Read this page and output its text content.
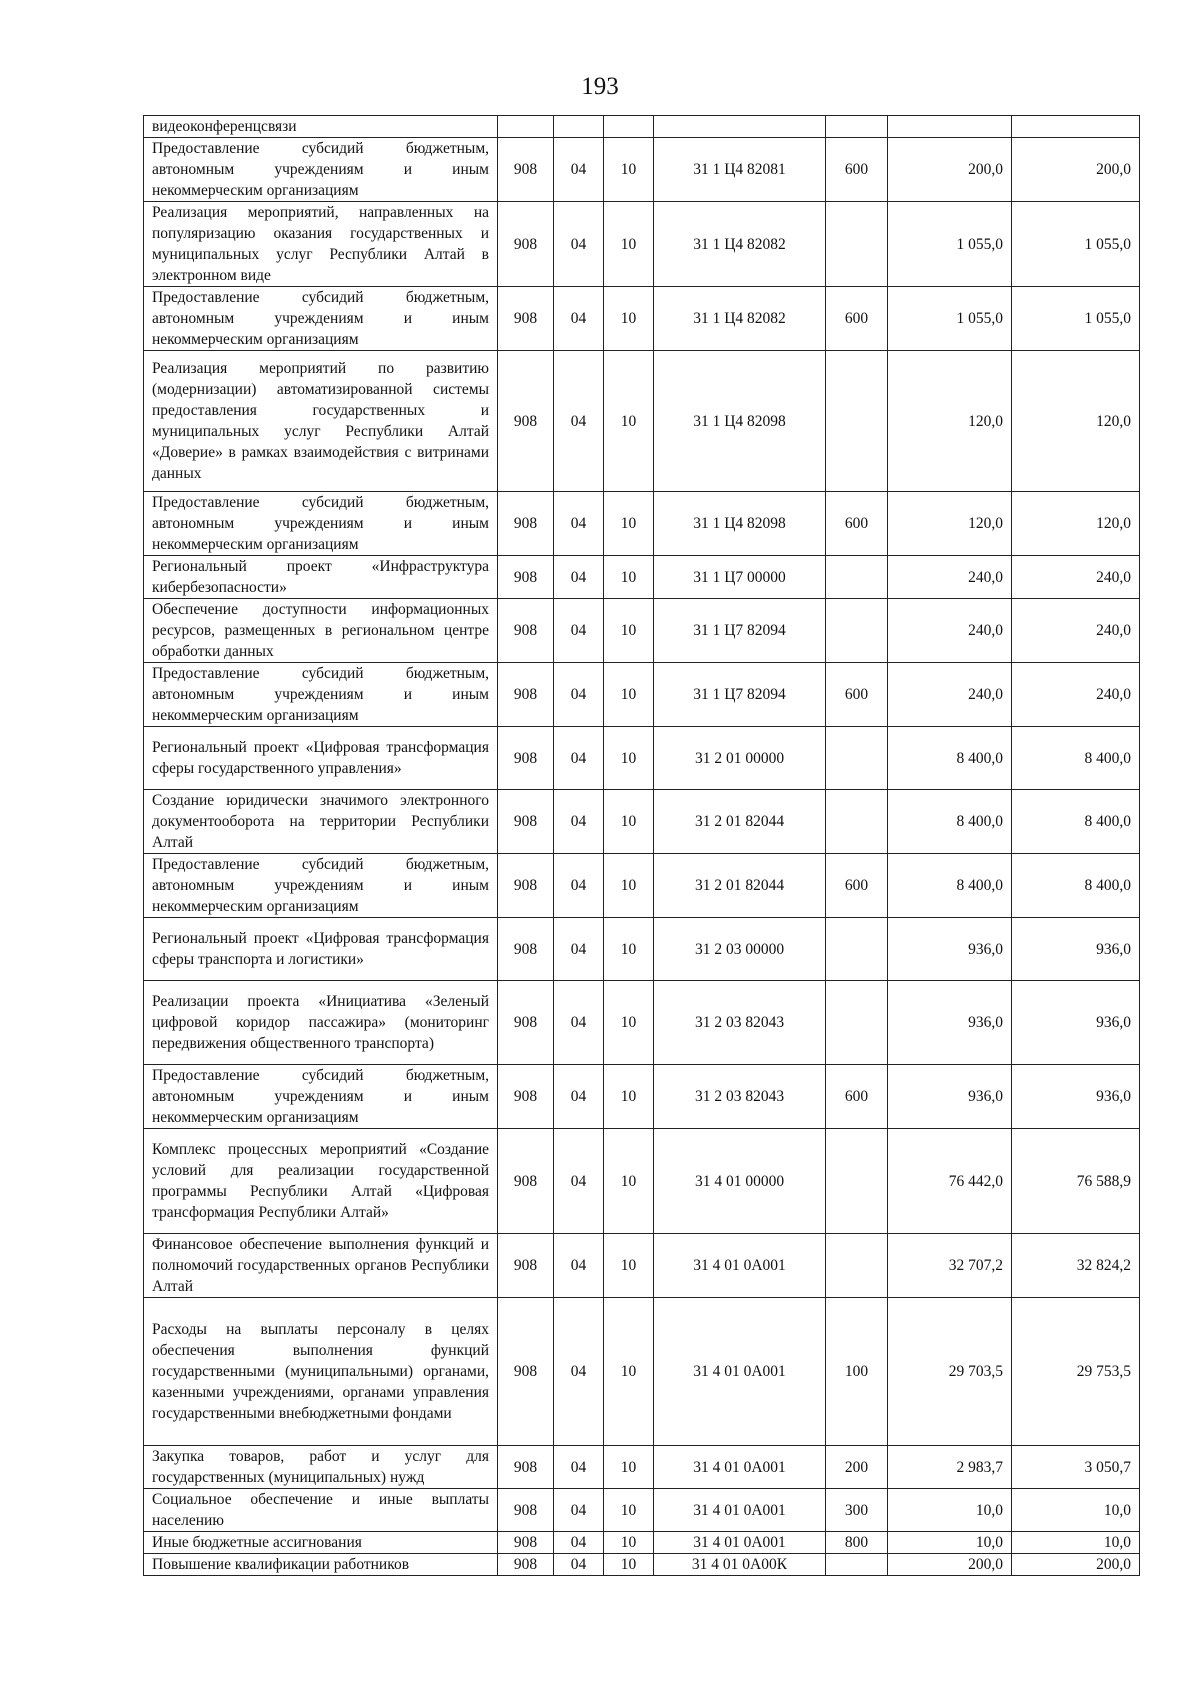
193
видеоконференцсвязи							
Предоставление субсидий бюджетным, автономным учреждениям и иным некоммерческим организациям	908	04	10	31 1 Ц4 82081	600	200,0	200,0
Реализация мероприятий, направленных на популяризацию оказания государственных и муниципальных услуг Республики Алтай в электронном виде	908	04	10	31 1 Ц4 82082		1 055,0	1 055,0
Предоставление субсидий бюджетным, автономным учреждениям и иным некоммерческим организациям	908	04	10	31 1 Ц4 82082	600	1 055,0	1 055,0
Реализация мероприятий по развитию (модернизации) автоматизированной системы предоставления государственных и муниципальных услуг Республики Алтай «Доверие» в рамках взаимодействия с витринами данных	908	04	10	31 1 Ц4 82098		120,0	120,0
Предоставление субсидий бюджетным, автономным учреждениям и иным некоммерческим организациям	908	04	10	31 1 Ц4 82098	600	120,0	120,0
Региональный проект «Инфраструктура кибербезопасности»	908	04	10	31 1 Ц7 00000		240,0	240,0
Обеспечение доступности информационных ресурсов, размещенных в региональном центре обработки данных	908	04	10	31 1 Ц7 82094		240,0	240,0
Предоставление субсидий бюджетным, автономным учреждениям и иным некоммерческим организациям	908	04	10	31 1 Ц7 82094	600	240,0	240,0
Региональный проект «Цифровая трансформация сферы государственного управления»	908	04	10	31 2 01 00000		8 400,0	8 400,0
Создание юридически значимого электронного документооборота на территории Республики Алтай	908	04	10	31 2 01 82044		8 400,0	8 400,0
Предоставление субсидий бюджетным, автономным учреждениям и иным некоммерческим организациям	908	04	10	31 2 01 82044	600	8 400,0	8 400,0
Региональный проект «Цифровая трансформация сферы транспорта и логистики»	908	04	10	31 2 03 00000		936,0	936,0
Реализации проекта «Инициатива «Зеленый цифровой коридор пассажира» (мониторинг передвижения общественного транспорта)	908	04	10	31 2 03 82043		936,0	936,0
Предоставление субсидий бюджетным, автономным учреждениям и иным некоммерческим организациям	908	04	10	31 2 03 82043	600	936,0	936,0
Комплекс процессных мероприятий «Создание условий для реализации государственной программы Республики Алтай «Цифровая трансформация Республики Алтай»	908	04	10	31 4 01 00000		76 442,0	76 588,9
Финансовое обеспечение выполнения функций и полномочий государственных органов Республики Алтай	908	04	10	31 4 01 0А001		32 707,2	32 824,2
Расходы на выплаты персоналу в целях обеспечения выполнения функций государственными (муниципальными) органами, казенными учреждениями, органами управления государственными внебюджетными фондами	908	04	10	31 4 01 0А001	100	29 703,5	29 753,5
Закупка товаров, работ и услуг для государственных (муниципальных) нужд	908	04	10	31 4 01 0А001	200	2 983,7	3 050,7
Социальное обеспечение и иные выплаты населению	908	04	10	31 4 01 0А001	300	10,0	10,0
Иные бюджетные ассигнования	908	04	10	31 4 01 0А001	800	10,0	10,0
Повышение квалификации работников	908	04	10	31 4 01 0А00К		200,0	200,0
